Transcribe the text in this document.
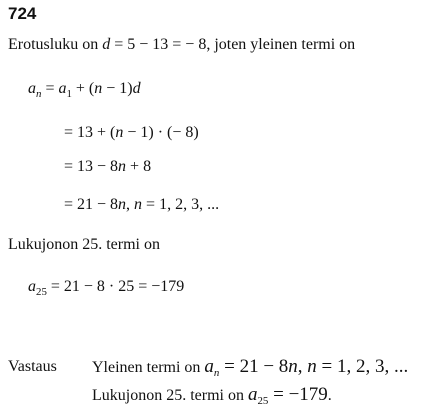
724
Erotusluku on d = 5 − 13 = − 8, joten yleinen termi on
$a_n = a_1 + (n - 1)d$
= 13 + (n − 1) · (− 8)
= 13 − 8n + 8
= 21 − 8n, n = 1, 2, 3, ...
Lukujonon 25. termi on
$a_{25} = 21 - 8 \cdot 25 = -179$
Vastaus Yleinen termi on $a_n = 21 - 8n$, n = 1, 2, 3, ...
Lukujonon 25. termi on $a_{25} = -179$.
